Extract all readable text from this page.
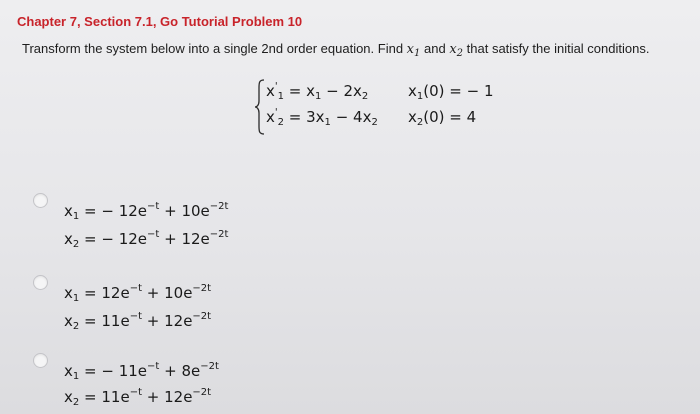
Chapter 7, Section 7.1, Go Tutorial Problem 10
Transform the system below into a single 2nd order equation. Find $x_1$ and $x_2$ that satisfy the initial conditions.
$x'_1 = x_1 - 2x_2$
$x'_2 = 3x_1 - 4x_2$
$x_1(0)$ = − 1
$x_2(0) = 4$
$x_1$ = − $12e^{-t} + 10e^{-2t}$
$x_2$ = − $12e^{-t} + 12e^{-2t}$
$x_1 = 12e^{-t} + 10e^{-2t}$
$x_2 = 11e^{-t} + 12e^{-2t}$
$x_1$ = − $11e^{-t} + 8e^{-2t}$
$x_2 = 11e^{-t} + 12e^{-2t}$
